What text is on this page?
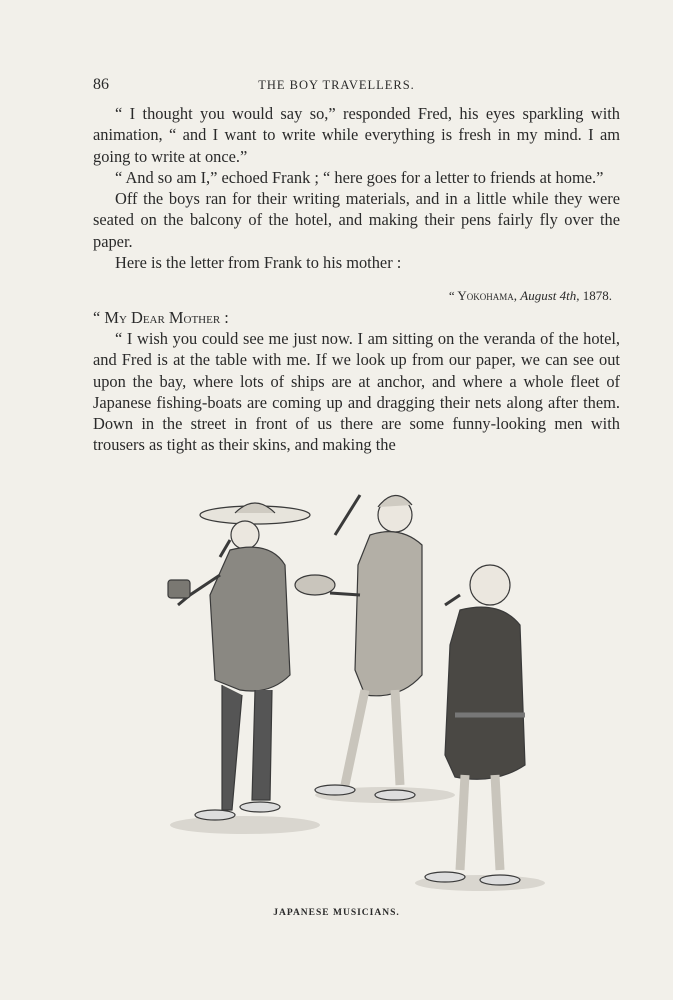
86	THE BOY TRAVELLERS.

“ I thought you would say so,” responded Fred, his eyes sparkling with animation, “ and I want to write while everything is fresh in my mind. I am going to write at once.”

“ And so am I,” echoed Frank ; “ here goes for a letter to friends at home.”

Off the boys ran for their writing materials, and in a little while they were seated on the balcony of the hotel, and making their pens fairly fly over the paper.

Here is the letter from Frank to his mother :

“ Yokohama, August 4th, 1878.

“ My Dear Mother :

“ I wish you could see me just now. I am sitting on the veranda of the hotel, and Fred is at the table with me. If we look up from our paper, we can see out upon the bay, where lots of ships are at anchor, and where a whole fleet of Japanese fishing-boats are coming up and dragging their nets along after them. Down in the street in front of us there are some funny-looking men with trousers as tight as their skins, and making the

JAPANESE MUSICIANS.
